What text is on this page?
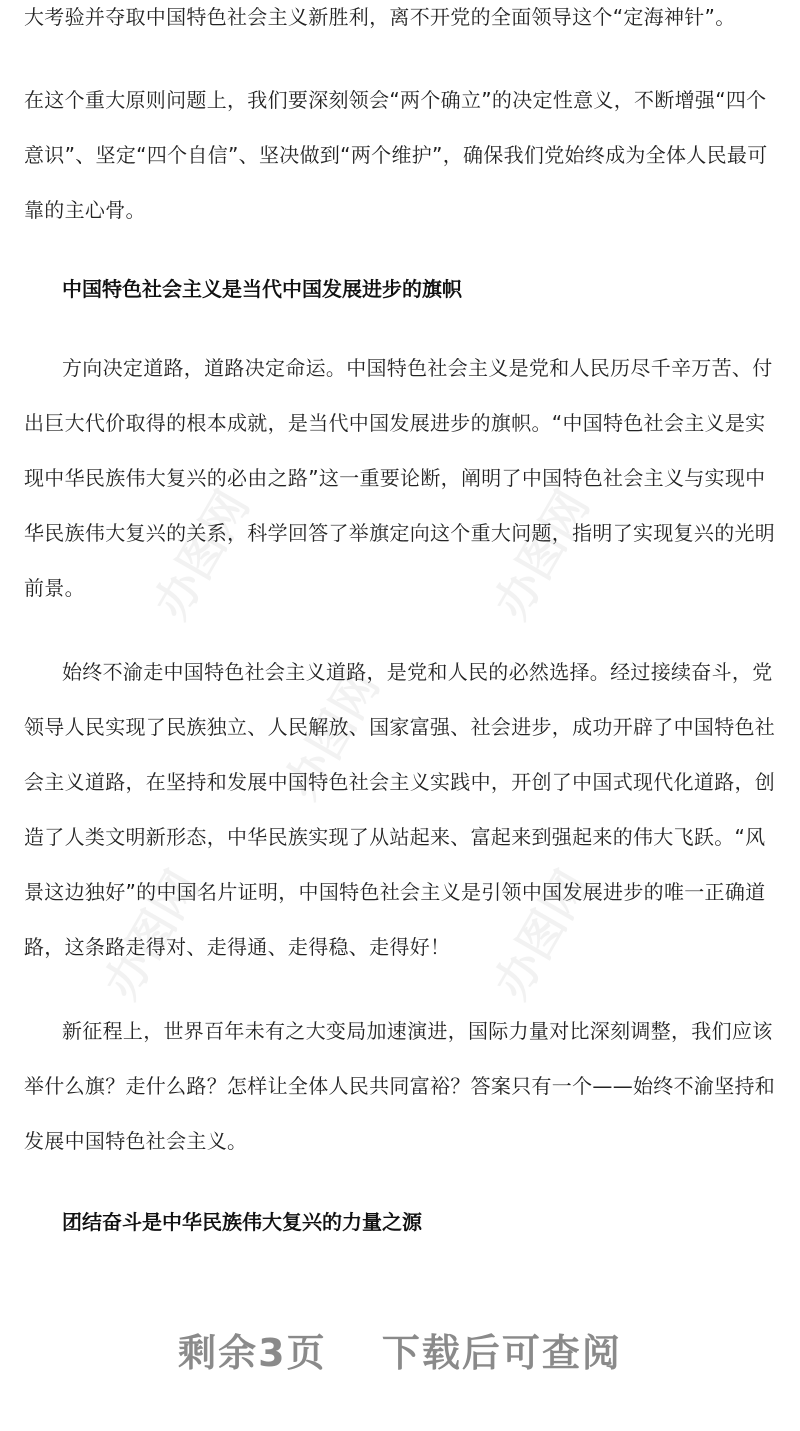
办图网	办图网
办图网
办图网	办图网

大考验并夺取中国特色社会主义新胜利，离不开党的全面领导这个“定海神针”。

在这个重大原则问题上，我们要深刻领会“两个确立”的决定性意义，不断增强“四个意识”、坚定“四个自信”、坚决做到“两个维护”，确保我们党始终成为全体人民最可靠的主心骨。

中国特色社会主义是当代中国发展进步的旗帜

方向决定道路，道路决定命运。中国特色社会主义是党和人民历尽千辛万苦、付出巨大代价取得的根本成就，是当代中国发展进步的旗帜。“中国特色社会主义是实现中华民族伟大复兴的必由之路”这一重要论断，阐明了中国特色社会主义与实现中华民族伟大复兴的关系，科学回答了举旗定向这个重大问题，指明了实现复兴的光明前景。

始终不渝走中国特色社会主义道路，是党和人民的必然选择。经过接续奋斗，党领导人民实现了民族独立、人民解放、国家富强、社会进步，成功开辟了中国特色社会主义道路，在坚持和发展中国特色社会主义实践中，开创了中国式现代化道路，创造了人类文明新形态，中华民族实现了从站起来、富起来到强起来的伟大飞跃。“风景这边独好”的中国名片证明，中国特色社会主义是引领中国发展进步的唯一正确道路，这条路走得对、走得通、走得稳、走得好！

新征程上，世界百年未有之大变局加速演进，国际力量对比深刻调整，我们应该举什么旗？走什么路？怎样让全体人民共同富裕？答案只有一个——始终不渝坚持和发展中国特色社会主义。

团结奋斗是中华民族伟大复兴的力量之源

剩余3页 下载后可查阅
